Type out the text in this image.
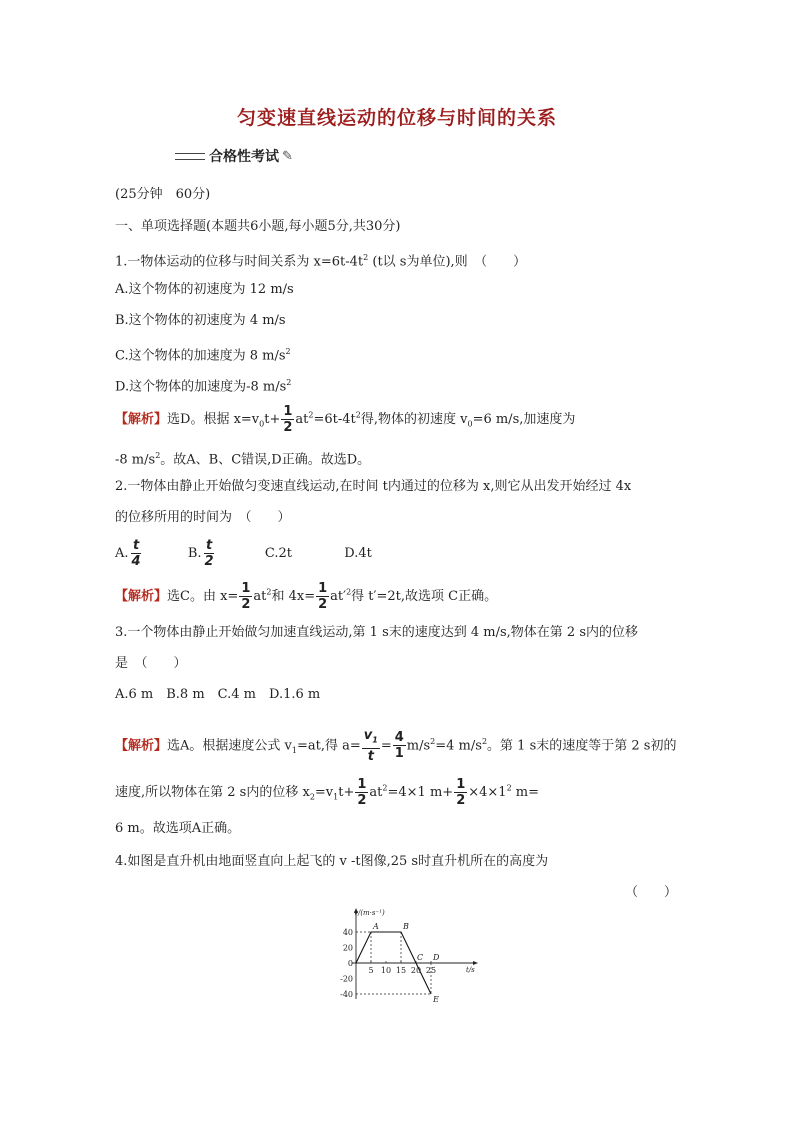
匀变速直线运动的位移与时间的关系
合格性考试 ✎
(25分钟　60分)
一、单项选择题(本题共6小题,每小题5分,共30分)
1.一物体运动的位移与时间关系为 $x=6t-4t^2$ (t以 s为单位),则　（　　）
A.这个物体的初速度为 12 m/s
B.这个物体的初速度为 4 m/s
C.这个物体的加速度为 8 $m/s^2$
D.这个物体的加速度为-8 $m/s^2$
【解析】选D。根据 $x=v_0t+ \frac{1}{2} at^2=6t-4t^2$得,物体的初速度 $v_0=6$ m/s,加速度为
-8 $m/s^2$。故A、B、C错误,D正确。故选D。
2.一物体由静止开始做匀变速直线运动,在时间 t内通过的位移为 x,则它从出发开始经过 4x
的位移所用的时间为　（　　）
A. $\frac{t}{4}$	B. $\frac{t}{2}$	C.2t	D.4t
【解析】选C。由 $x= \frac{1}{2} at^2$和 $4x= \frac{1}{2} at'^2$得 t′=2t,故选项 C正确。
3.一个物体由静止开始做匀加速直线运动,第 1 s末的速度达到 4 m/s,物体在第 2 s内的位移
是　（　　）
A.6 m　B.8 m　C.4 m　D.1.6 m
【解析】选A。根据速度公式 $v_1=at$,得 $a= \frac{v_1}{t} = \frac{4}{1} m/s^2=4$ $m/s^2$。第 1 s末的速度等于第 2 s初的
速度,所以物体在第 2 s内的位移 $x_2=v_1t+ \frac{1}{2} at^2=4\times 1$ $m+ \frac{1}{2} \times 4\times 1^2$ m=
6 m。故选项A正确。
4.如图是直升机由地面竖直向上起飞的 v -t图像,25 s时直升机所在的高度为
（　　）
v/(m·s⁻¹)
t/s
40
20
0
-20
-40
5 10 15 20 25
A	B
C
E
D
